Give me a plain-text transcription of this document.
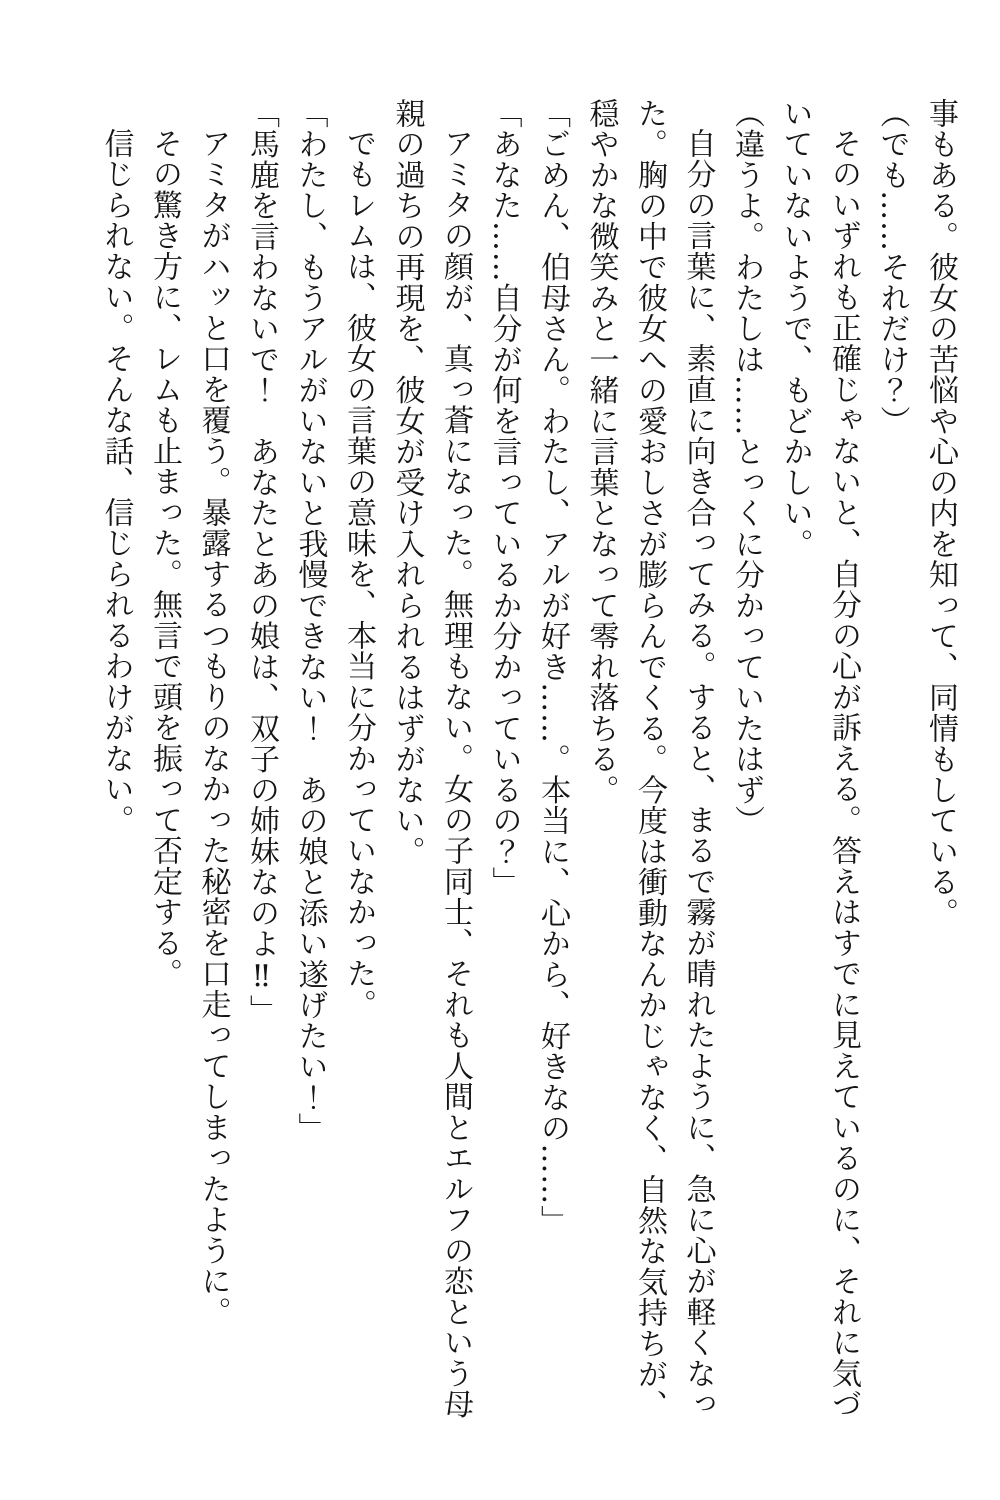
事もある。彼女の苦悩や心の内を知って、同情もしている。

（でも……それだけ？）

そのいずれも正確じゃないと、自分の心が訴える。答えはすでに見えているのに、それに気づいていないようで、もどかしい。

（違うよ。わたしは……とっくに分かっていたはず）

自分の言葉に、素直に向き合ってみる。すると、まるで霧が晴れたように、急に心が軽くなった。胸の中で彼女への愛おしさが膨らんでくる。今度は衝動なんかじゃなく、自然な気持ちが、穏やかな微笑みと一緒に言葉となって零れ落ちる。

「ごめん、伯母さん。わたし、アルが好き……。本当に、心から、好きなの……」

「あなた……自分が何を言っているか分かっているの？」

アミタの顔が、真っ蒼になった。無理もない。女の子同士、それも人間とエルフの恋という母親の過ちの再現を、彼女が受け入れられるはずがない。

でもレムは、彼女の言葉の意味を、本当に分かっていなかった。

「わたし、もうアルがいないと我慢できない！　あの娘と添い遂げたい！」

「馬鹿を言わないで！　あなたとあの娘は、双子の姉妹なのよ‼」

アミタがハッと口を覆う。暴露するつもりのなかった秘密を口走ってしまったように。

その驚き方に、レムも止まった。無言で頭を振って否定する。

信じられない。そんな話、信じられるわけがない。
